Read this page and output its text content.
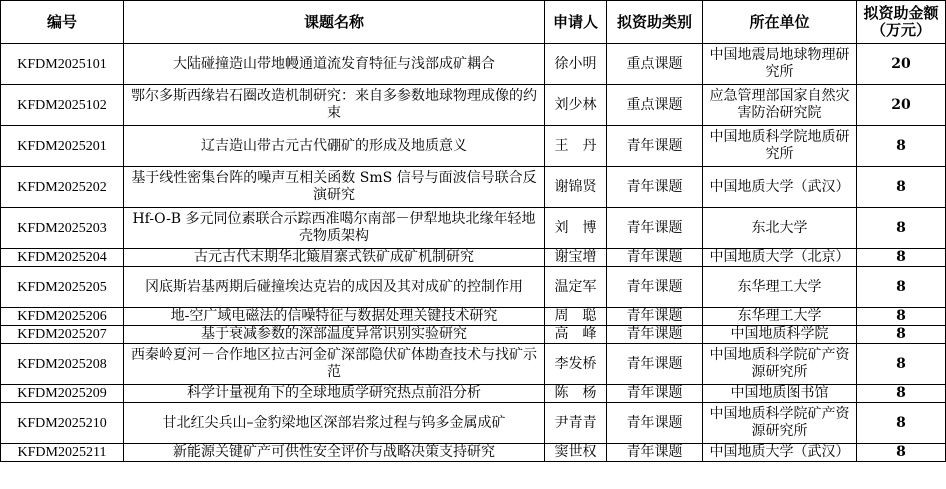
编号	课题名称	申请人	拟资助类别	所在单位	拟资助金额（万元）
KFDM2025101	大陆碰撞造山带地幔通道流发育特征与浅部成矿耦合	徐小明	重点课题	中国地震局地球物理研究所	20
KFDM2025102	鄂尔多斯西缘岩石圈改造机制研究：来自多参数地球物理成像的约束	刘少林	重点课题	应急管理部国家自然灾害防治研究院	20
KFDM2025201	辽吉造山带古元古代硼矿的形成及地质意义	王　丹	青年课题	中国地质科学院地质研究所	8
KFDM2025202	基于线性密集台阵的噪声互相关函数 SmS 信号与面波信号联合反演研究	谢锦贤	青年课题	中国地质大学（武汉）	8
KFDM2025203	Hf-O-B 多元同位素联合示踪西准噶尔南部－伊犁地块北缘年轻地壳物质架构	刘　博	青年课题	东北大学	8
KFDM2025204	古元古代末期华北簸眉寨式铁矿成矿机制研究	谢宝增	青年课题	中国地质大学（北京）	8
KFDM2025205	冈底斯岩基两期后碰撞埃达克岩的成因及其对成矿的控制作用	温定军	青年课题	东华理工大学	8
KFDM2025206	地-空广域电磁法的信噪特征与数据处理关键技术研究	周　聪	青年课题	东华理工大学	8
KFDM2025207	基于衰减参数的深部温度异常识别实验研究	高　峰	青年课题	中国地质科学院	8
KFDM2025208	西秦岭夏河－合作地区拉古河金矿深部隐伏矿体勘查技术与找矿示范	李发桥	青年课题	中国地质科学院矿产资源研究所	8
KFDM2025209	科学计量视角下的全球地质学研究热点前沿分析	陈　杨	青年课题	中国地质图书馆	8
KFDM2025210	甘北红尖兵山–金豹梁地区深部岩浆过程与钨多金属成矿	尹青青	青年课题	中国地质科学院矿产资源研究所	8
KFDM2025211	新能源关键矿产可供性安全评价与战略决策支持研究	窦世权	青年课题	中国地质大学（武汉）	8
